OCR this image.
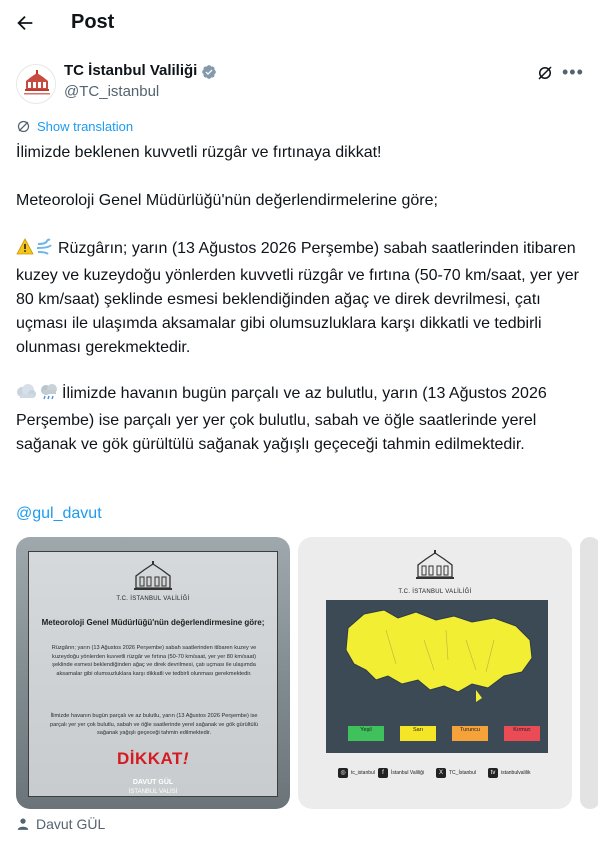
Post
TC İstanbul Valiliği
@TC_istanbul
•••
Show translation
İlimizde beklenen kuvvetli rüzgâr ve fırtınaya dikkat!
Meteoroloji Genel Müdürlüğü'nün değerlendirmelerine göre;
Rüzgârın; yarın (13 Ağustos 2026 Perşembe) sabah saatlerinden itibaren kuzey ve kuzeydoğu yönlerden kuvvetli rüzgâr ve fırtına (50-70 km/saat, yer yer 80 km/saat) şeklinde esmesi beklendiğinden ağaç ve direk devrilmesi, çatı uçması ile ulaşımda aksamalar gibi olumsuzluklara karşı dikkatli ve tedbirli olunması gerekmektedir.
İlimizde havanın bugün parçalı ve az bulutlu, yarın (13 Ağustos 2026 Perşembe) ise parçalı yer yer çok bulutlu, sabah ve öğle saatlerinde yerel sağanak ve gök gürültülü sağanak yağışlı geçeceği tahmin edilmektedir.
@gul_davut
T.C. İSTANBUL VALİLİĞİ
Meteoroloji Genel Müdürlüğü'nün değerlendirmesine göre;
Rüzgârın; yarın (13 Ağustos 2026 Perşembe) sabah saatlerinden itibaren kuzey ve kuzeydoğu yönlerden kuvvetli rüzgâr ve fırtına (50-70 km/saat, yer yer 80 km/saat) şeklinde esmesi beklendiğinden ağaç ve direk devrilmesi, çatı uçması ile ulaşımda aksamalar gibi olumsuzluklara karşı dikkatli ve tedbirli olunması gerekmektedir.
İlimizde havanın bugün parçalı ve az bulutlu, yarın (13 Ağustos 2026 Perşembe) ise parçalı yer yer çok bulutlu, sabah ve öğle saatlerinde yerel sağanak ve gök gürültülü sağanak yağışlı geçeceği tahmin edilmektedir.
DİKKAT!
DAVUT GÜL
İSTANBUL VALİSİ
T.C. İSTANBUL VALİLİĞİ
Yeşil	Sarı	Turuncu	Kırmızı
◎	tc_istanbul	f	İstanbul Valiliği	X	TC_İstanbul	tv	istanbulvalilik
Davut GÜL
